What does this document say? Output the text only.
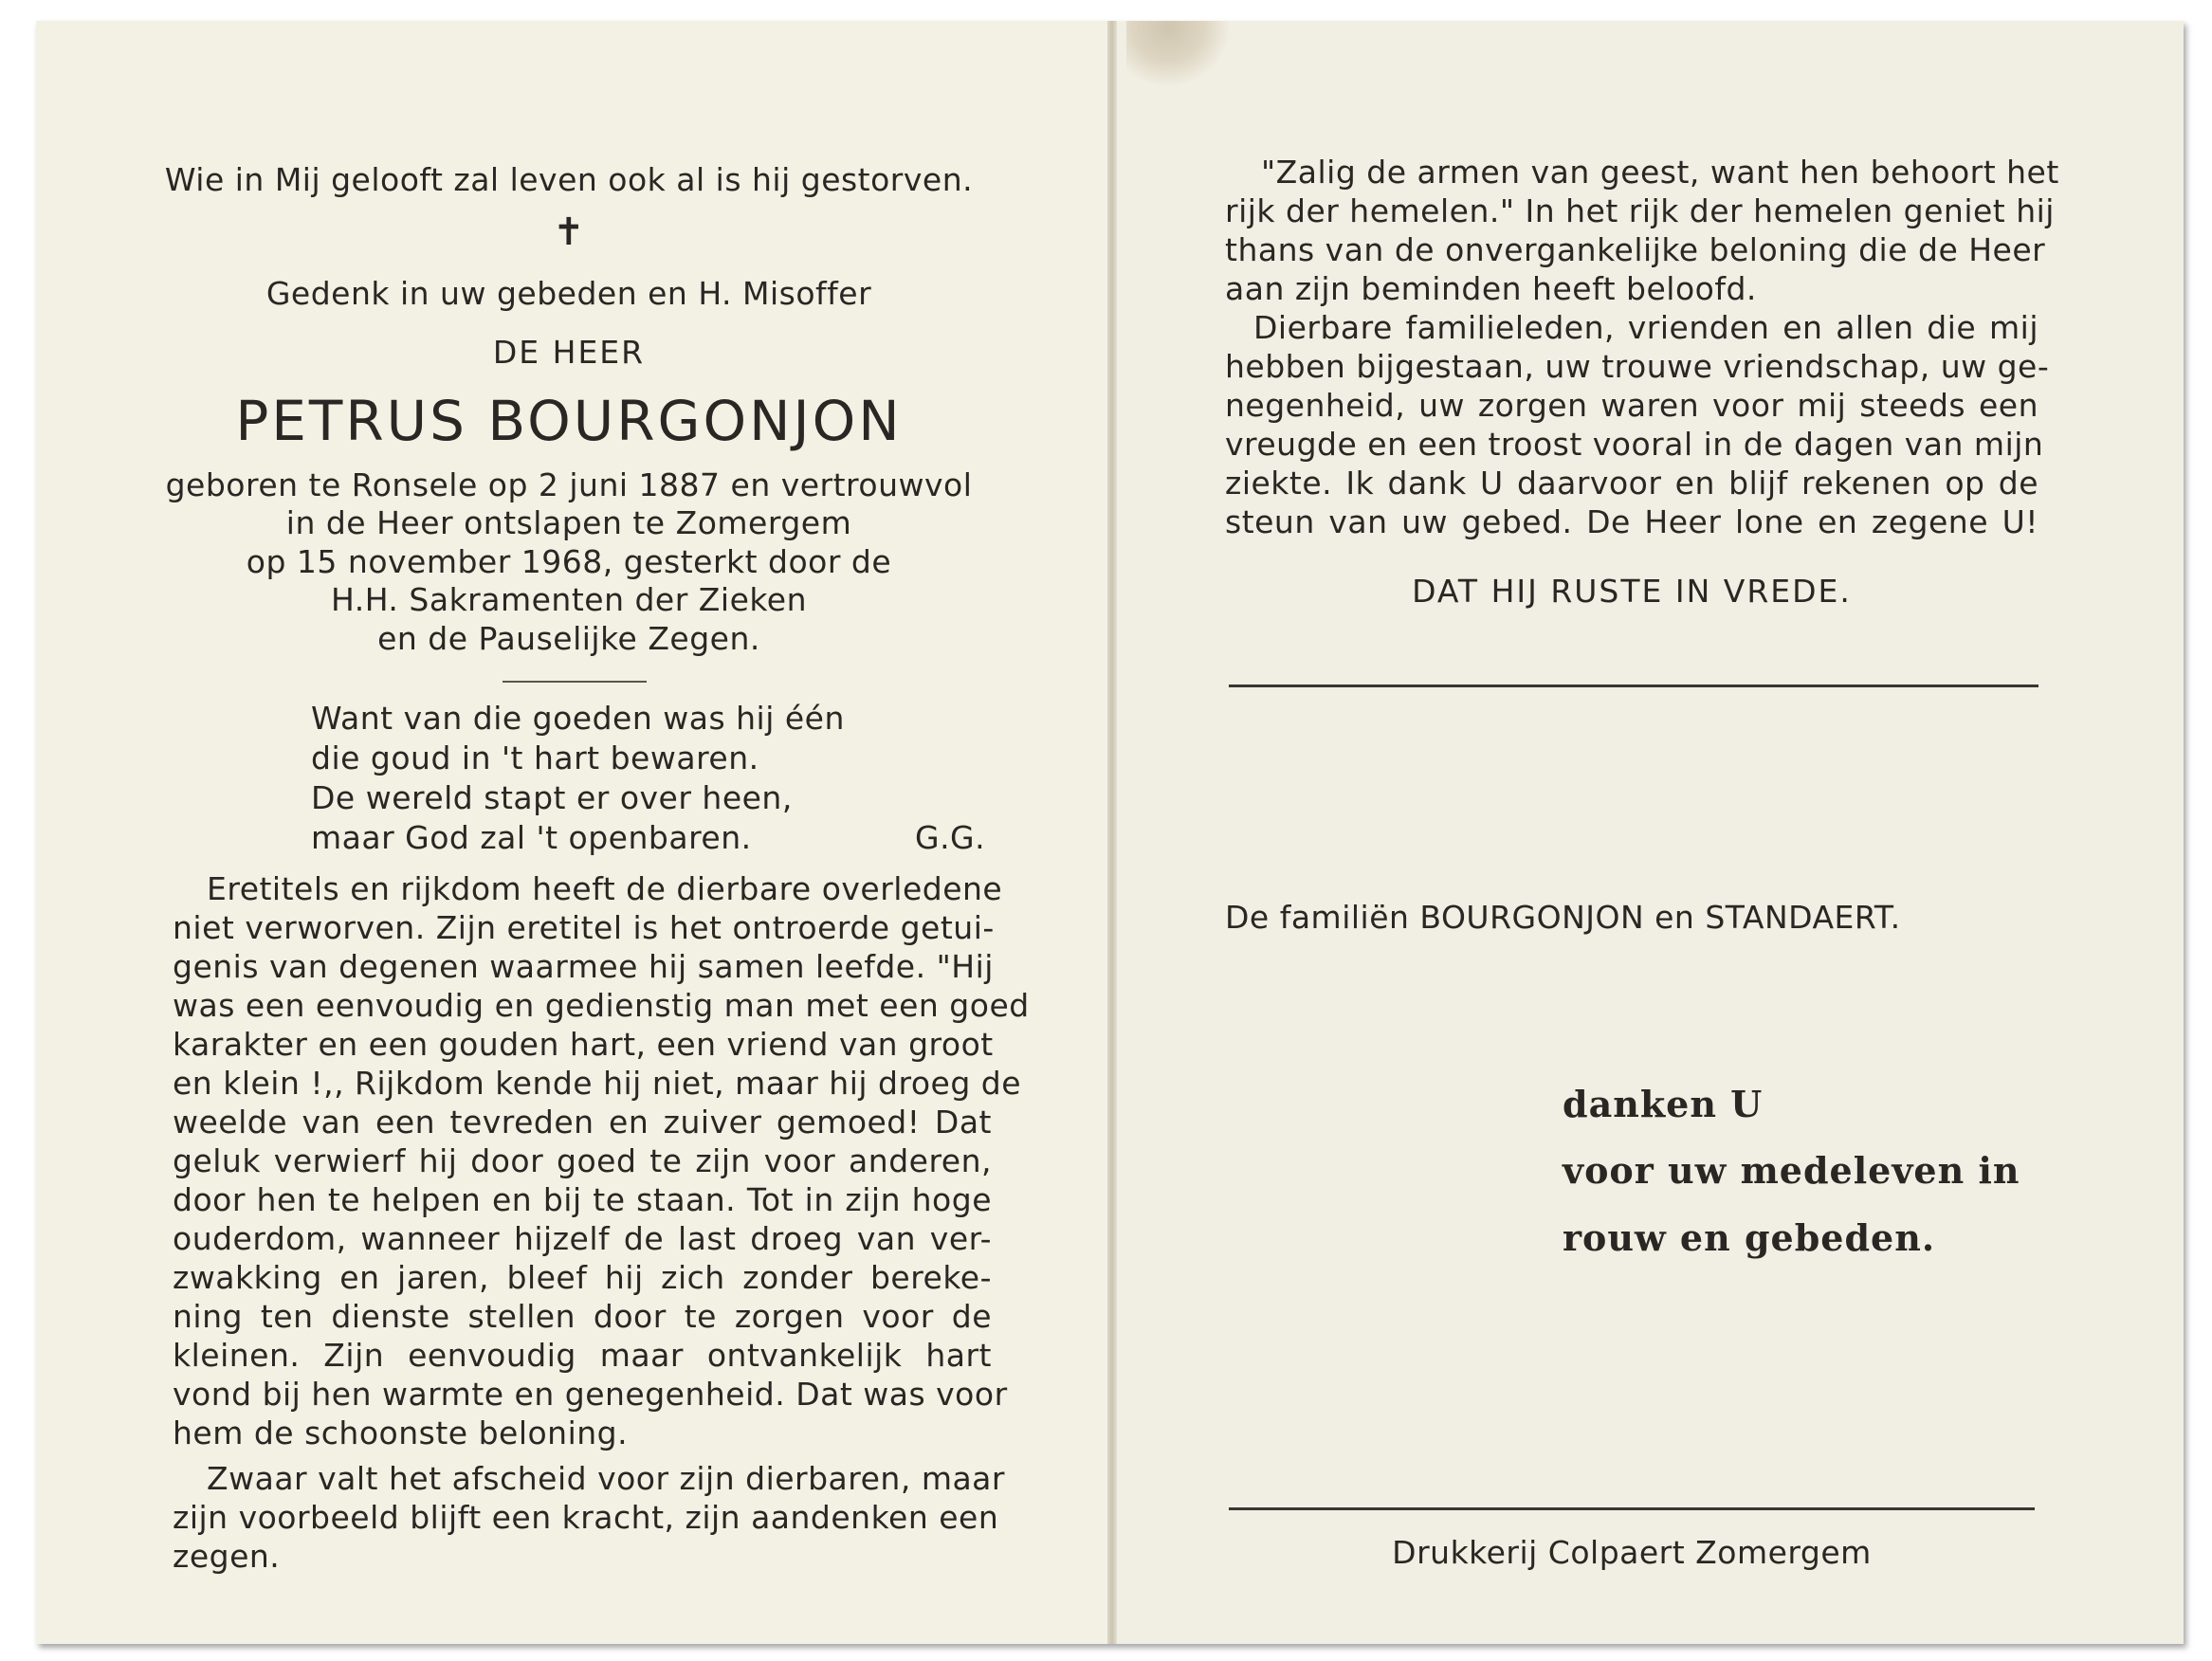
Wie in Mij gelooft zal leven ook al is hij gestorven.
✝
Gedenk in uw gebeden en H. Misoffer
DE HEER
PETRUS BOURGONJON
geboren te Ronsele op 2 juni 1887 en vertrouwvol
in de Heer ontslapen te Zomergem
op 15 november 1968, gesterkt door de
H.H. Sakramenten der Zieken
en de Pauselijke Zegen.
Want van die goeden was hij één
die goud in 't hart bewaren.
De wereld stapt er over heen,
maar God zal 't openbaren.	G.G.
Eretitels en rijkdom heeft de dierbare overledene
niet verworven. Zijn eretitel is het ontroerde getui-
genis van degenen waarmee hij samen leefde. "Hij
was een eenvoudig en gedienstig man met een goed
karakter en een gouden hart, een vriend van groot
en klein !,, Rijkdom kende hij niet, maar hij droeg de
weelde van een tevreden en zuiver gemoed! Dat
geluk verwierf hij door goed te zijn voor anderen,
door hen te helpen en bij te staan. Tot in zijn hoge
ouderdom, wanneer hijzelf de last droeg van ver-
zwakking en jaren, bleef hij zich zonder bereke-
ning ten dienste stellen door te zorgen voor de
kleinen. Zijn eenvoudig maar ontvankelijk hart
vond bij hen warmte en genegenheid. Dat was voor
hem de schoonste beloning.
Zwaar valt het afscheid voor zijn dierbaren, maar
zijn voorbeeld blijft een kracht, zijn aandenken een
zegen.
"Zalig de armen van geest, want hen behoort het
rijk der hemelen." In het rijk der hemelen geniet hij
thans van de onvergankelijke beloning die de Heer
aan zijn beminden heeft beloofd.
Dierbare familieleden, vrienden en allen die mij
hebben bijgestaan, uw trouwe vriendschap, uw ge-
negenheid, uw zorgen waren voor mij steeds een
vreugde en een troost vooral in de dagen van mijn
ziekte. Ik dank U daarvoor en blijf rekenen op de
steun van uw gebed. De Heer lone en zegene U!
DAT HIJ RUSTE IN VREDE.
De familiën BOURGONJON en STANDAERT.
danken U
voor uw medeleven in
rouw en gebeden.
Drukkerij Colpaert Zomergem
